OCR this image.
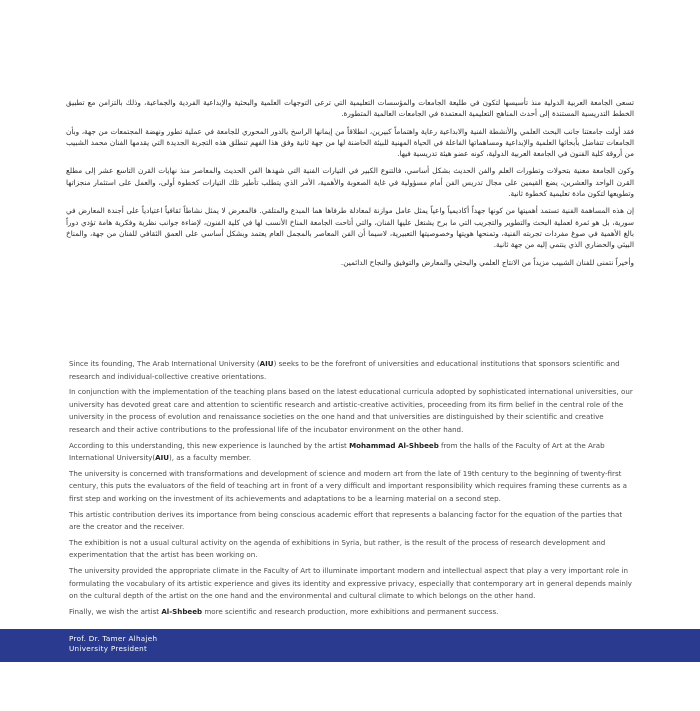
تسعى الجامعة العربية الدولية منذ تأسيسها لتكون في طليعة الجامعات والمؤسسات التعليمية التي ترعى التوجهات العلمية والبحثية والإبداعية الفردية والجماعية، وذلك بالتزامن مع تطبيق الخطط التدريسية المستندة إلى أحدث المناهج التعليمية المعتمدة في الجامعات العالمية المتطورة.

فقد أولت جامعتنا جانب البحث العلمي والأنشطة الفنية والابداعية رعاية واهتماماً كبيرين، انطلاقاً من إيمانها الراسخ بالدور المحوري للجامعة في عملية تطور ونهضة المجتمعات من جهة، وبأن الجامعات تتفاضل بأبحاثها العلمية والإبداعية ومساهماتها الفاعلة في الحياة المهنية للبيئة الحاضنة لها من جهة ثانية وفق هذا الفهم تنطلق هذه التجربة الجديدة التي يقدمها الفنان محمد الشبيب من أروقة كلية الفنون في الجامعة العربية الدولية، كونه عضو هيئة تدريسية فيها.

وكون الجامعة معنية بتحولات وتطورات العلم والفن الحديث بشكل أساسي، فالتنوع الكبير في التيارات الفنية التي شهدها الفن الحديث والمعاصر منذ نهايات القرن التاسع عشر إلى مطلع القرن الواحد والعشرين، يضع القيمين على مجال تدريس الفن أمام مسؤولية في غاية الصعوبة والأهمية، الأمر الذي يتطلب تأطير تلك التيارات كخطوة أولى، والعمل على استثمار منجزاتها وتطويعها لتكون مادة تعليمية كخطوة ثانية.

إن هذه المساهمة الفنية تستمد أهميتها من كونها جهداً أكاديمياً واعياً يمثل عامل موازنة لمعادلة طرفاها هما المبدع والمتلقي. فالمعرض لا يمثل نشاطاً ثقافياً اعتيادياً على أجندة المعارض في سورية، بل هو ثمرة لعملية البحث والتطوير والتجريب التي ما برح يشتغل عليها الفنان، والتي أتاحت الجامعة المناخ الأنسب لها في كلية الفنون، لإضاءة جوانب نظرية وفكرية هامة تؤدي دوراً بالغ الأهمية في صوغ مفردات تجربته الفنية، وتمنحها هويتها وخصوصيتها التعبيرية، لاسيما أن الفن المعاصر بالمجمل العام يعتمد وبشكل أساسي على العمق الثقافي للفنان من جهة، والمناخ البيئي والحضاري الذي ينتمي إليه من جهة ثانية.

وأخيراً نتمنى للفنان الشبيب مزيداً من الانتاج العلمي والبحثي والمعارض والتوفيق والنجاح الدائمين.

Since its founding, The Arab International University (AIU) seeks to be the forefront of universities and educational institutions that sponsors scientific and research and individual-collective creative orientations.

In conjunction with the implementation of the teaching plans based on the latest educational curricula adopted by sophisticated international universities, our university has devoted great care and attention to scientific research and artistic-creative activities, proceeding from its firm belief in the central role of the university in the process of evolution and renaissance societies on the one hand and that universities are distinguished by their scientific and creative research and their active contributions to the professional life of the incubator environment on the other hand.

According to this understanding, this new experience is launched by the artist Mohammad Al-Shbeeb from the halls of the Faculty of Art at the Arab International University(AIU), as a faculty member.

The university is concerned with transformations and development of science and modern art from the late of 19th century to the beginning of twenty-first century, this puts the evaluators of the field of teaching art in front of a very difficult and important responsibility which requires framing these currents as a first step and working on the investment of its achievements and adaptations to be a learning material on a second step.

This artistic contribution derives its importance from being conscious academic effort that represents a balancing factor for the equation of the parties that are the creator and the receiver.

The exhibition is not a usual cultural activity on the agenda of exhibitions in Syria, but rather, is the result of the process of research development and experimentation that the artist has been working on.

The university provided the appropriate climate in the Faculty of Art to illuminate important modern and intellectual aspect that play a very important role in formulating the vocabulary of its artistic experience and gives its identity and expressive privacy, especially that contemporary art in general depends mainly on the cultural depth of the artist on the one hand and the environmental and cultural climate to which belongs on the other hand.

Finally, we wish the artist Al-Shbeeb more scientific and research production, more exhibitions and permanent success.

Prof. Dr. Tamer Alhajeh
University President
